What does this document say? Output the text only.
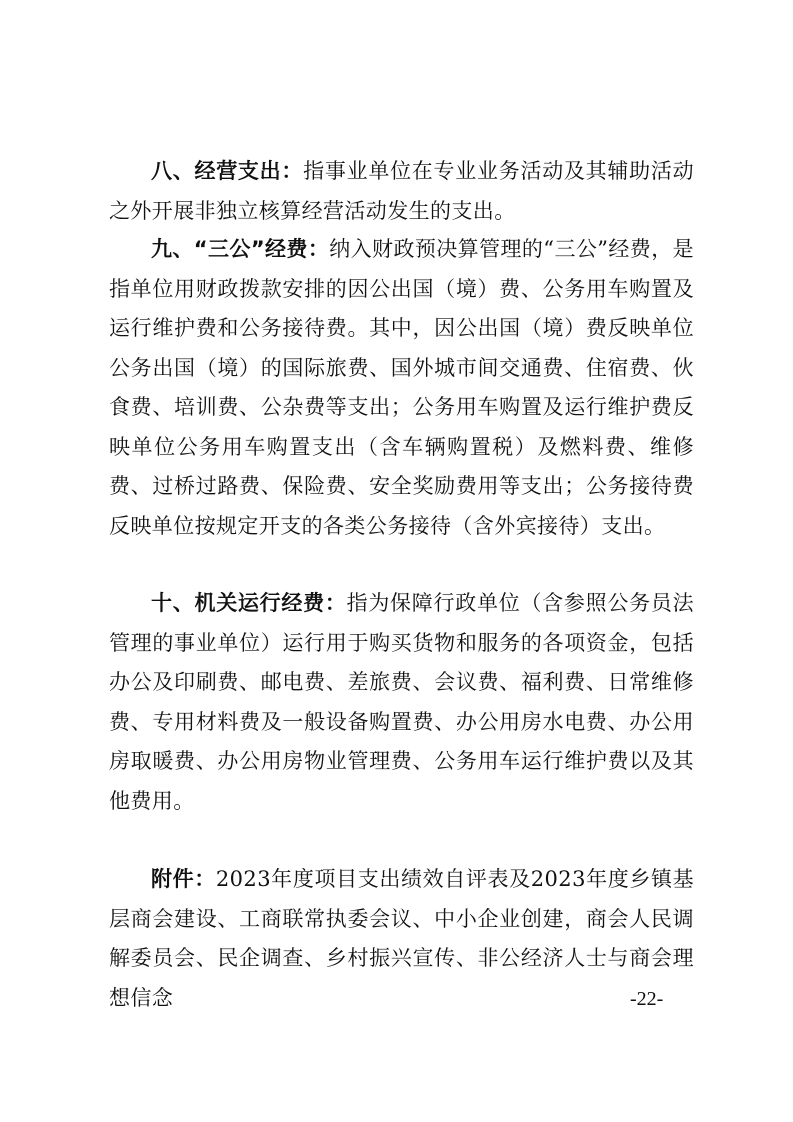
八、经营支出：指事业单位在专业业务活动及其辅助活动之外开展非独立核算经营活动发生的支出。

九、“三公”经费：纳入财政预决算管理的“三公”经费，是指单位用财政拨款安排的因公出国（境）费、公务用车购置及运行维护费和公务接待费。其中，因公出国（境）费反映单位公务出国（境）的国际旅费、国外城市间交通费、住宿费、伙食费、培训费、公杂费等支出；公务用车购置及运行维护费反映单位公务用车购置支出（含车辆购置税）及燃料费、维修费、过桥过路费、保险费、安全奖励费用等支出；公务接待费反映单位按规定开支的各类公务接待（含外宾接待）支出。

十、机关运行经费：指为保障行政单位（含参照公务员法管理的事业单位）运行用于购买货物和服务的各项资金，包括办公及印刷费、邮电费、差旅费、会议费、福利费、日常维修费、专用材料费及一般设备购置费、办公用房水电费、办公用房取暖费、办公用房物业管理费、公务用车运行维护费以及其他费用。

附件：2023年度项目支出绩效自评表及2023年度乡镇基层商会建设、工商联常执委会议、中小企业创建，商会人民调解委员会、民企调查、乡村振兴宣传、非公经济人士与商会理想信念	-22-
